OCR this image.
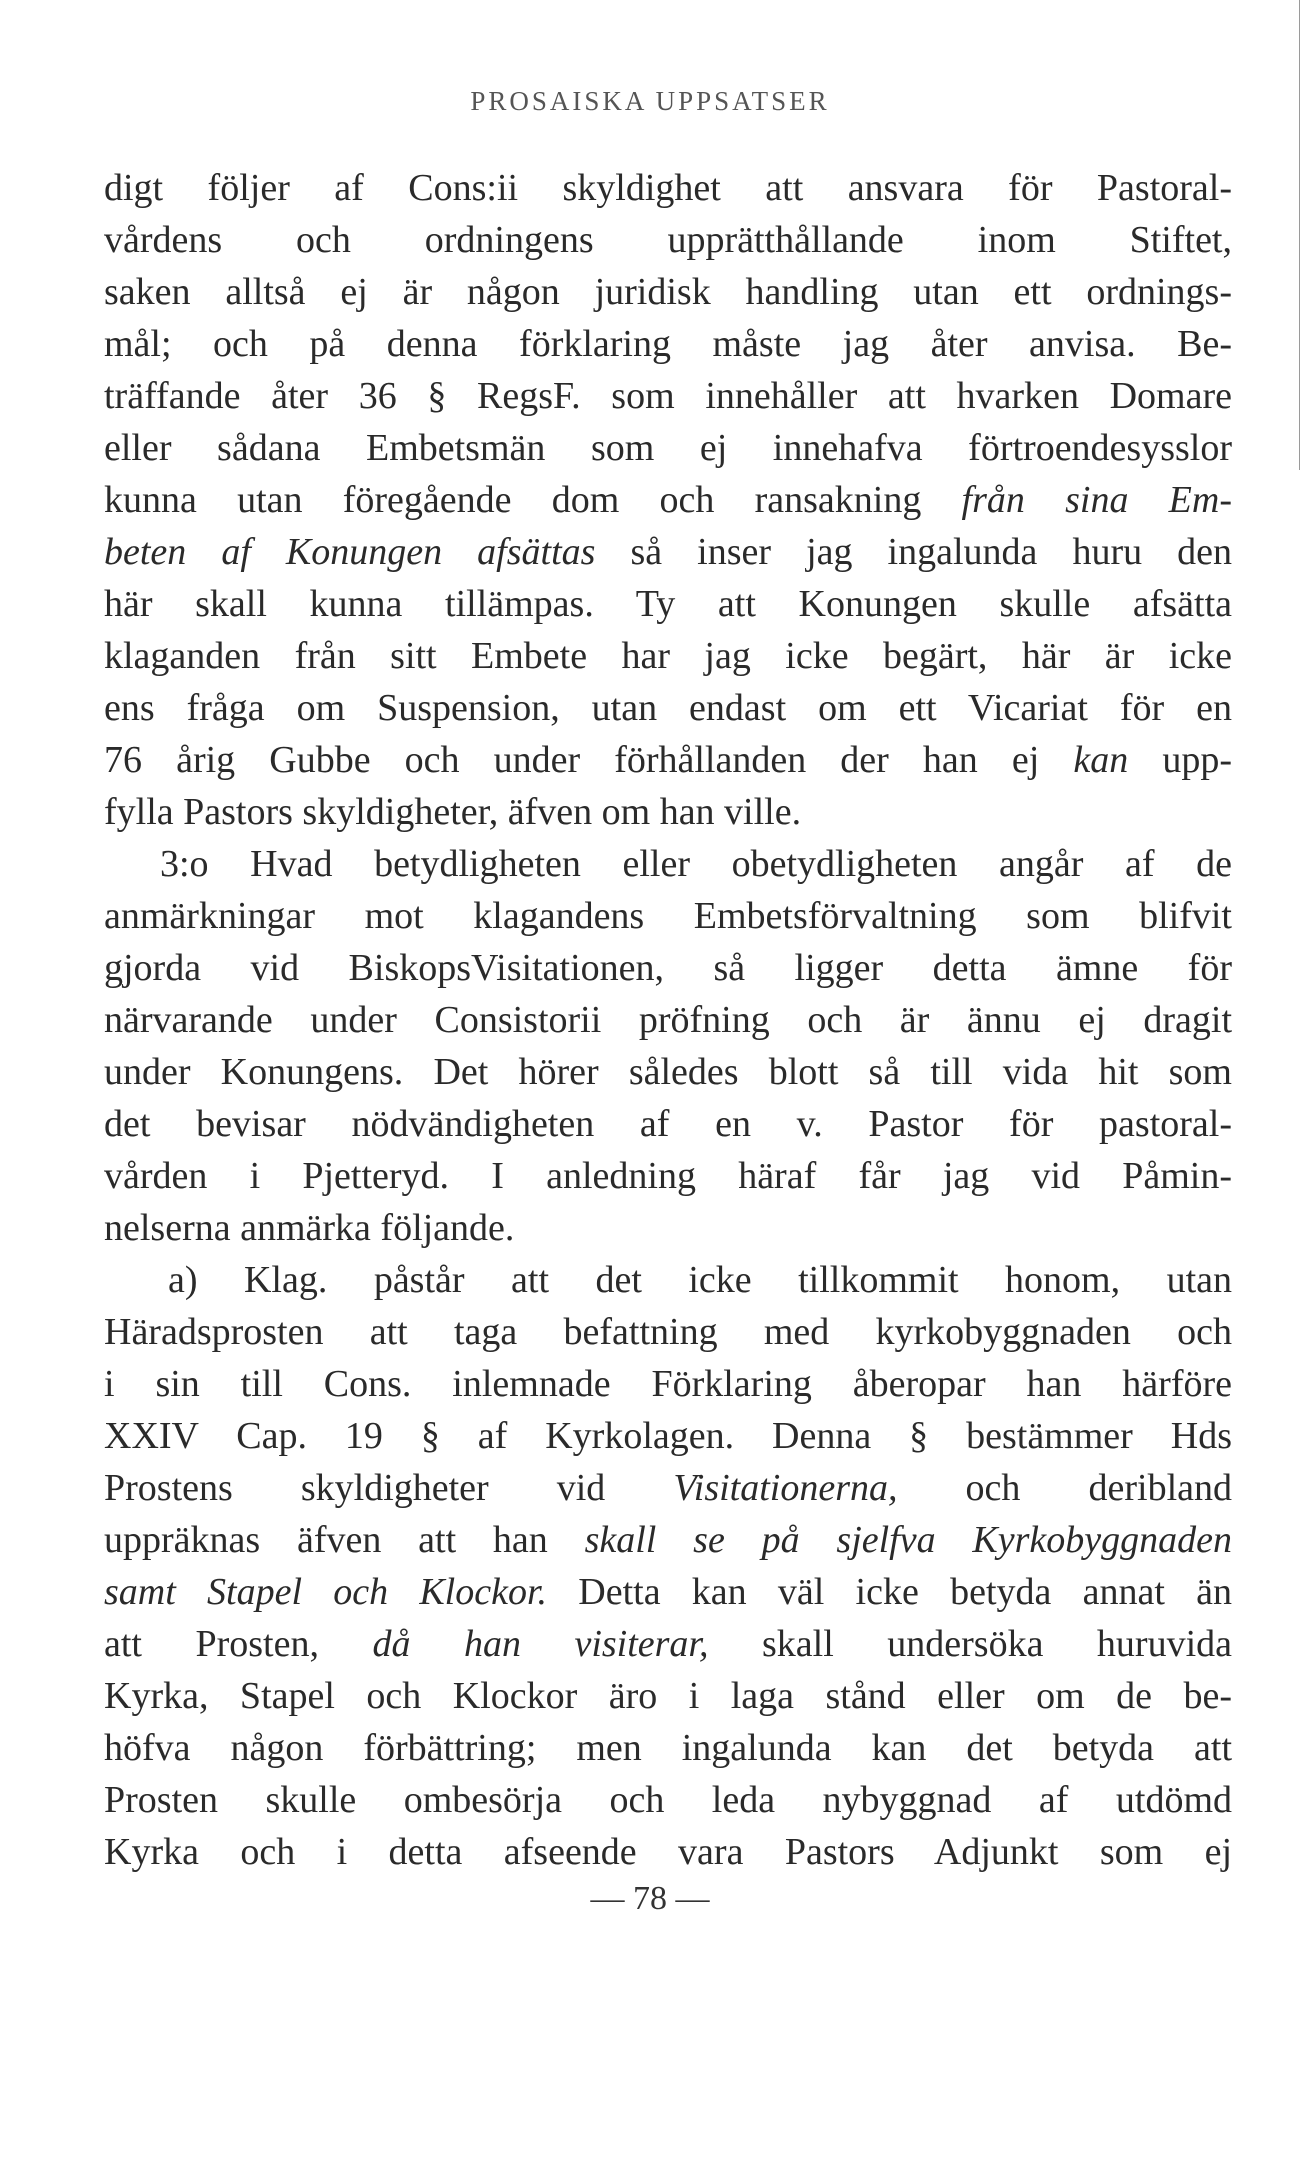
PROSAISKA UPPSATSER
digt följer af Cons:ii skyldighet att ansvara för Pastoral-
vårdens och ordningens upprätthållande inom Stiftet,
saken alltså ej är någon juridisk handling utan ett ordnings-
mål; och på denna förklaring måste jag åter anvisa. Be-
träffande åter 36 § RegsF. som innehåller att hvarken Domare
eller sådana Embetsmän som ej innehafva förtroendesysslor
kunna utan föregående dom och ransakning från sina Em-
beten af Konungen afsättas så inser jag ingalunda huru den
här skall kunna tillämpas. Ty att Konungen skulle afsätta
klaganden från sitt Embete har jag icke begärt, här är icke
ens fråga om Suspension, utan endast om ett Vicariat för en
76 årig Gubbe och under förhållanden der han ej kan upp-
fylla Pastors skyldigheter, äfven om han ville.
3:o Hvad betydligheten eller obetydligheten angår af de
anmärkningar mot klagandens Embetsförvaltning som blifvit
gjorda vid BiskopsVisitationen, så ligger detta ämne för
närvarande under Consistorii pröfning och är ännu ej dragit
under Konungens. Det hörer således blott så till vida hit som
det bevisar nödvändigheten af en v. Pastor för pastoral-
vården i Pjetteryd. I anledning häraf får jag vid Påmin-
nelserna anmärka följande.
a) Klag. påstår att det icke tillkommit honom, utan
Häradsprosten att taga befattning med kyrkobyggnaden och
i sin till Cons. inlemnade Förklaring åberopar han härföre
XXIV Cap. 19 § af Kyrkolagen. Denna § bestämmer Hds
Prostens skyldigheter vid Visitationerna, och deribland
uppräknas äfven att han skall se på sjelfva Kyrkobyggnaden
samt Stapel och Klockor. Detta kan väl icke betyda annat än
att Prosten, då han visiterar, skall undersöka huruvida
Kyrka, Stapel och Klockor äro i laga stånd eller om de be-
höfva någon förbättring; men ingalunda kan det betyda att
Prosten skulle ombesörja och leda nybyggnad af utdömd
Kyrka och i detta afseende vara Pastors Adjunkt som ej
— 78 —
